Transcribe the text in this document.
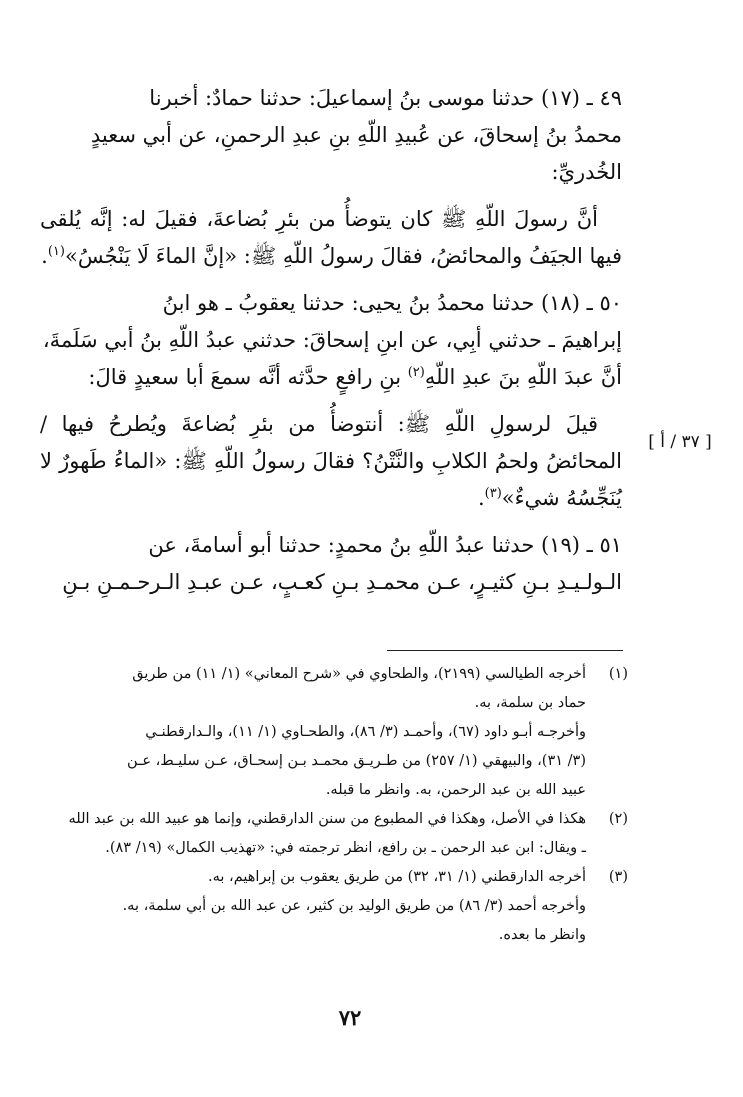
٤٩ ـ (١٧) حدثنا موسى بنُ إسماعيلَ: حدثنا حمادٌ: أخبرنا
محمدُ بنُ إسحاقَ، عن عُبيدِ اللّهِ بنِ عبدِ الرحمنِ، عن أبي سعيدٍ
الخُدريِّ:

أنَّ رسولَ اللّهِ ﷺ كان يتوضأُ من بئرِ بُضاعةَ، فقيلَ له: إنَّه يُلقى فيها الجيَفُ والمحائضُ، فقالَ رسولُ اللّهِ ﷺ: «إنَّ الماءَ لَا يَنْجُسُ»$^{(١)}$.

٥٠ ـ (١٨) حدثنا محمدُ بنُ يحيى: حدثنا يعقوبُ ـ هو ابنُ
إبراهيمَ ـ حدثني أبِي، عن ابنِ إسحاقَ: حدثني عبدُ اللّهِ بنُ أبي سَلَمةَ،
أنَّ عبدَ اللّهِ بنَ عبدِ اللّهِ$^{(٢)}$ بنِ رافعٍ حدَّثه أنَّه سمعَ أبا سعيدٍ قالَ:

قيلَ لرسولِ اللّهِ ﷺ: أنتوضأُ من بئرِ بُضاعةَ ويُطرحُ فيها / المحائضُ ولحمُ الكلابِ والنَّتْنُ؟ فقالَ رسولُ اللّهِ ﷺ: «الماءُ طَهورٌ لا يُنَجِّسُهُ شيءٌ»$^{(٣)}$.

٥١ ـ (١٩) حدثنا عبدُ اللّهِ بنُ محمدٍ: حدثنا أبو أسامةَ، عن
الـولـيـدِ بـنِ كثيـرٍ، عـن محمـدِ بـنِ كعـبٍ، عـن عبـدِ الـرحـمـنِ بـنِ

[ ٣٧ / أ ]
(١)
أخرجه الطيالسي (٢١٩٩)، والطحاوي في «شرح المعاني» (١/ ١١) من طريق
حماد بن سلمة، به.
وأخرجـه أبـو داود (٦٧)، وأحمـد (٣/ ٨٦)، والطحـاوي (١/ ١١)، والـدارقطنـي
(٣/ ٣١)، والبيهقي (١/ ٢٥٧) من طـريـق محمـد بـن إسحـاق، عـن سليـط، عـن
عبيد الله بن عبد الرحمن، به. وانظر ما قبله.
(٢)
هكذا في الأصل، وهكذا في المطبوع من سنن الدارقطني، وإنما هو عبيد الله بن عبد الله
ـ ويقال: ابن عبد الرحمن ـ بن رافع، انظر ترجمته في: «تهذيب الكمال» (١٩/ ٨٣).
(٣)
أخرجه الدارقطني (١/ ٣١، ٣٢) من طريق يعقوب بن إبراهيم، به.
وأخرجه أحمد (٣/ ٨٦) من طريق الوليد بن كثير، عن عبد الله بن أبي سلمة، به.
وانظر ما بعده.
٧٢
